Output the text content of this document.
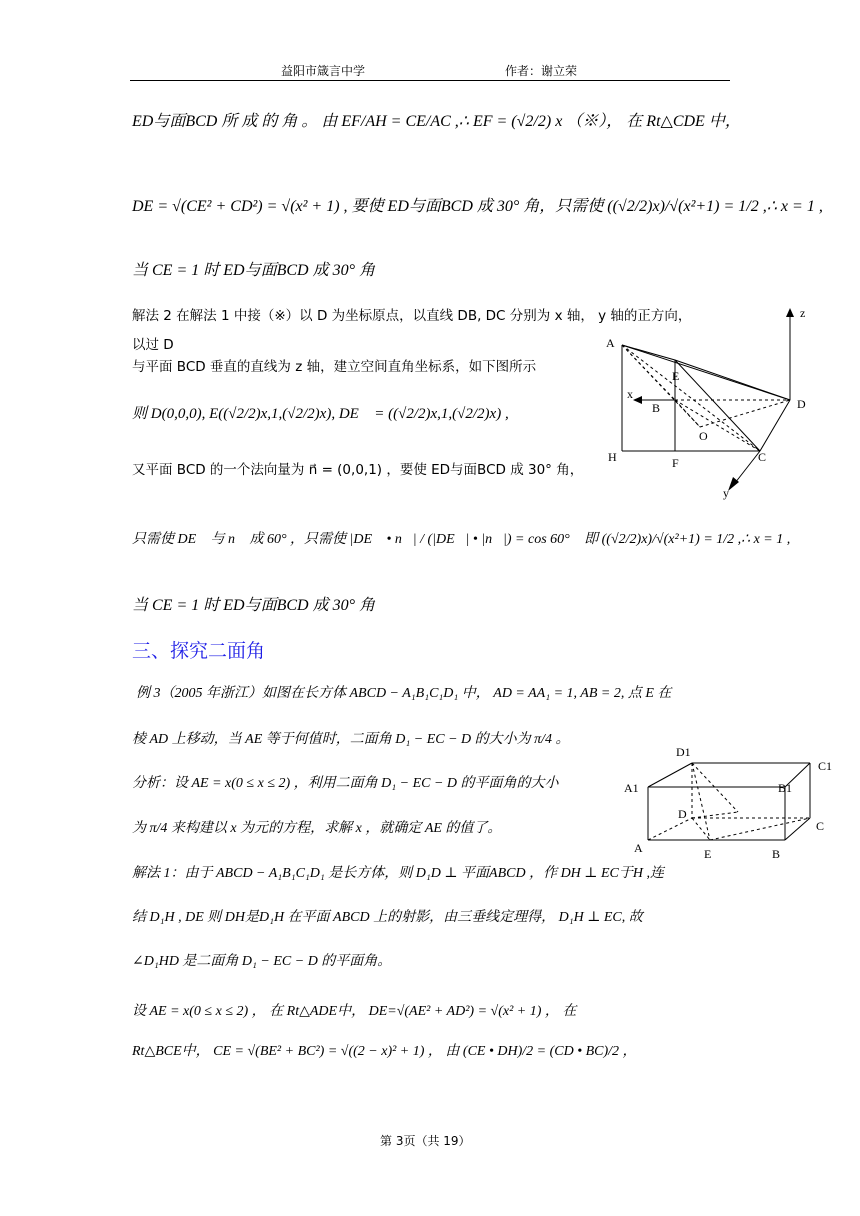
益阳市箴言中学	作者：谢立荣
ED与面BCD 所 成 的 角 。 由 EF/AH = CE/AC ,∴ EF = (√2/2) x （※）， 在 Rt△CDE 中，
DE = √(CE² + CD²) = √(x² + 1) , 要使 ED与面BCD 成 30° 角，只需使 ((√2/2)x)/√(x²+1) = 1/2 ,∴ x = 1 ,
当 CE = 1 时 ED与面BCD 成 30° 角
解法 2 在解法 1 中接（※）以 D 为坐标原点，以直线 DB, DC 分别为 x 轴， y 轴的正方向，
以过 D
与平面 BCD 垂直的直线为 z 轴，建立空间直角坐标系，如下图所示
则 D(0,0,0), E((√2/2)x,1,(√2/2)x), DE⃗ = ((√2/2)x,1,(√2/2)x) ,
又平面 BCD 的一个法向量为 n⃗ = (0,0,1) ，要使 ED与面BCD 成 30° 角，
只需使 DE⃗ 与 n⃗ 成 60° ，只需使 |DE⃗ • n⃗| / (|DE⃗| • |n⃗|) = cos 60° ，即 ((√2/2)x)/√(x²+1) = 1/2 ,∴ x = 1 ,
当 CE = 1 时 ED与面BCD 成 30° 角
三、探究二面角
例 3（2005 年浙江）如图在长方体 ABCD − A₁B₁C₁D₁ 中， AD = AA₁ = 1, AB = 2, 点 E 在
棱 AD 上移动，当 AE 等于何值时，二面角 D₁ − EC − D 的大小为 π/4 。
分析：设 AE = x(0 ≤ x ≤ 2) ，利用二面角 D₁ − EC − D 的平面角的大小
为 π/4 来构建以 x 为元的方程，求解 x ，就确定 AE 的值了。
解法 1：由于 ABCD − A₁B₁C₁D₁ 是长方体，则 D₁D ⊥ 平面ABCD ，作 DH ⊥ EC于H ,连
结 D₁H , DE 则 DH是D₁H 在平面 ABCD 上的射影，由三垂线定理得， D₁H ⊥ EC, 故
∠D₁HD 是二面角 D₁ − EC − D 的平面角。
设 AE = x(0 ≤ x ≤ 2) ， 在 Rt△ADE中， DE=√(AE² + AD²) = √(x² + 1) ， 在
Rt△BCE中， CE = √(BE² + BC²) = √((2 − x)² + 1) ， 由 (CE • DH)/2 = (CD • BC)/2 ，
z
A
E
x
B	D
O
H	F	C
y
D1
C1
A1	B1
D
A	E	B
C
第 3页（共 19）
